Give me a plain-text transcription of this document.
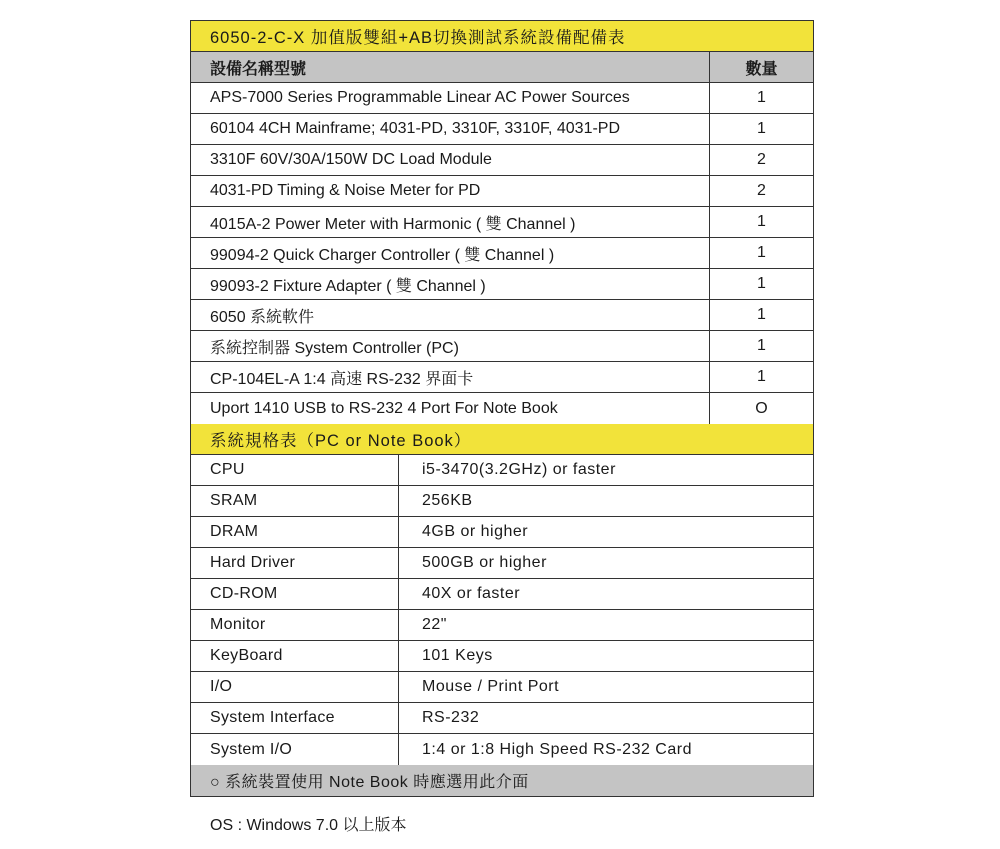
6050-2-C-X 加值版雙組+AB切換測試系統設備配備表
設備名稱型號	數量
APS-7000 Series Programmable Linear AC Power Sources	1
60104 4CH Mainframe; 4031-PD, 3310F, 3310F, 4031-PD	1
3310F 60V/30A/150W DC Load Module	2
4031-PD Timing & Noise Meter for PD	2
4015A-2 Power Meter with Harmonic ( 雙 Channel )	1
99094-2 Quick Charger Controller ( 雙 Channel )	1
99093-2 Fixture Adapter ( 雙 Channel )	1
6050 系統軟件	1
系統控制器 System Controller (PC)	1
CP-104EL-A 1:4 高速 RS-232 界面卡	1
Uport 1410 USB to RS-232 4 Port For Note Book	O
系統規格表（PC or Note Book）
CPU	i5-3470(3.2GHz) or faster
SRAM	256KB
DRAM	4GB or higher
Hard Driver	500GB or higher
CD-ROM	40X or faster
Monitor	22"
KeyBoard	101 Keys
I/O	Mouse / Print Port
System Interface	RS-232
System I/O	1:4 or 1:8 High Speed RS-232 Card
○ 系統裝置使用 Note Book 時應選用此介面
OS : Windows 7.0 以上版本
